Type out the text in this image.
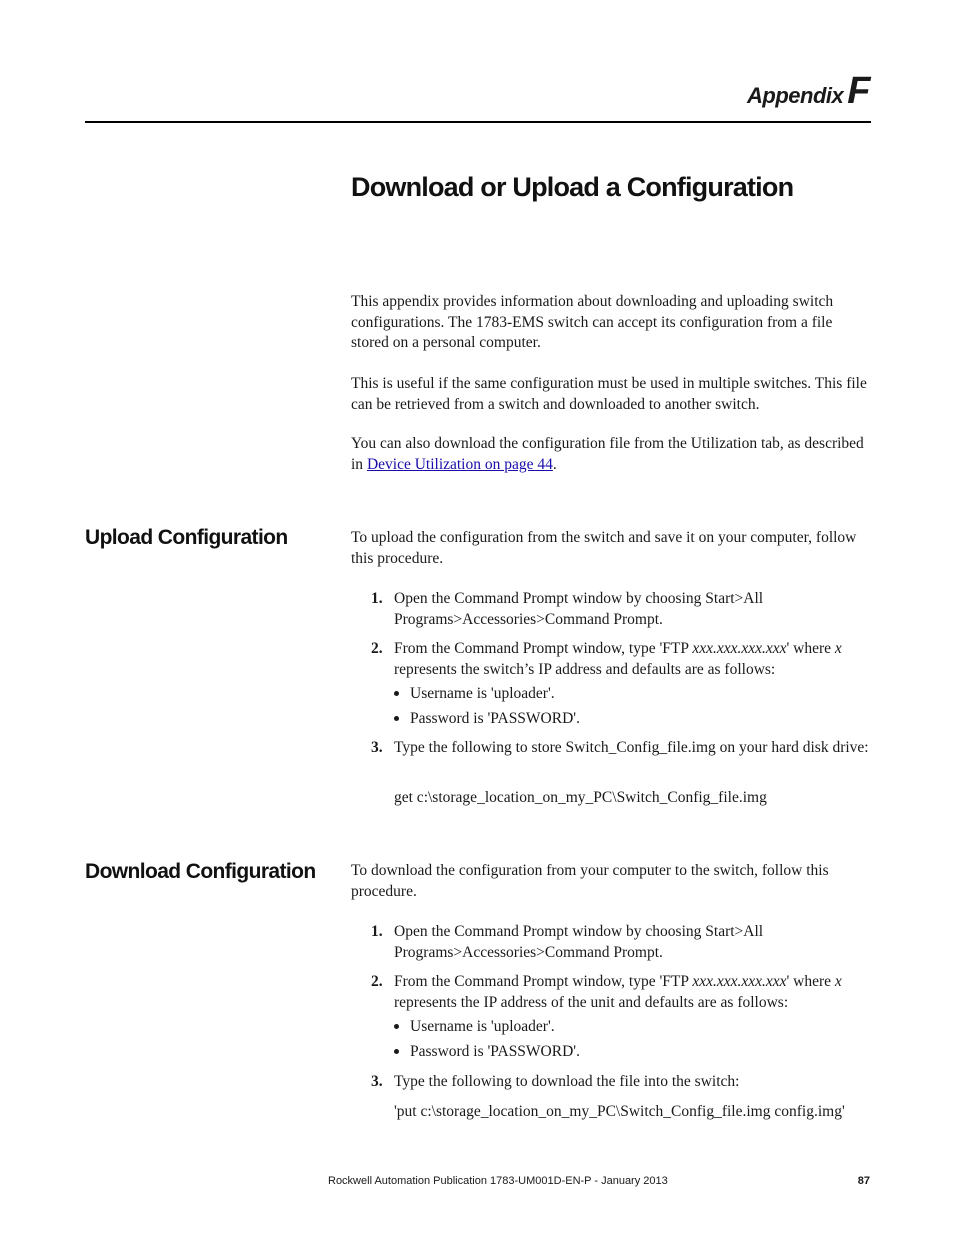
Appendix F
Download or Upload a Configuration

This appendix provides information about downloading and uploading switch configurations. The 1783-EMS switch can accept its configuration from a file stored on a personal computer.

This is useful if the same configuration must be used in multiple switches. This file can be retrieved from a switch and downloaded to another switch.

You can also download the configuration file from the Utilization tab, as described in Device Utilization on page 44.

Upload Configuration	To upload the configuration from the switch and save it on your computer, follow this procedure.

1. Open the Command Prompt window by choosing Start>All Programs>Accessories>Command Prompt.
2. From the Command Prompt window, type 'FTP xxx.xxx.xxx.xxx' where x represents the switch’s IP address and defaults are as follows:
Username is 'uploader'.
Password is 'PASSWORD'.
3. Type the following to store Switch_Config_file.img on your hard disk drive:
get c:\storage_location_on_my_PC\Switch_Config_file.img
Download Configuration To download the configuration from your computer to the switch, follow this procedure.

1. Open the Command Prompt window by choosing Start>All Programs>Accessories>Command Prompt.
2. From the Command Prompt window, type 'FTP xxx.xxx.xxx.xxx' where x represents the IP address of the unit and defaults are as follows:
Username is 'uploader'.
Password is 'PASSWORD'.
3. Type the following to download the file into the switch:
'put c:\storage_location_on_my_PC\Switch_Config_file.img config.img'
Rockwell Automation Publication 1783-UM001D-EN-P - January 2013	87
